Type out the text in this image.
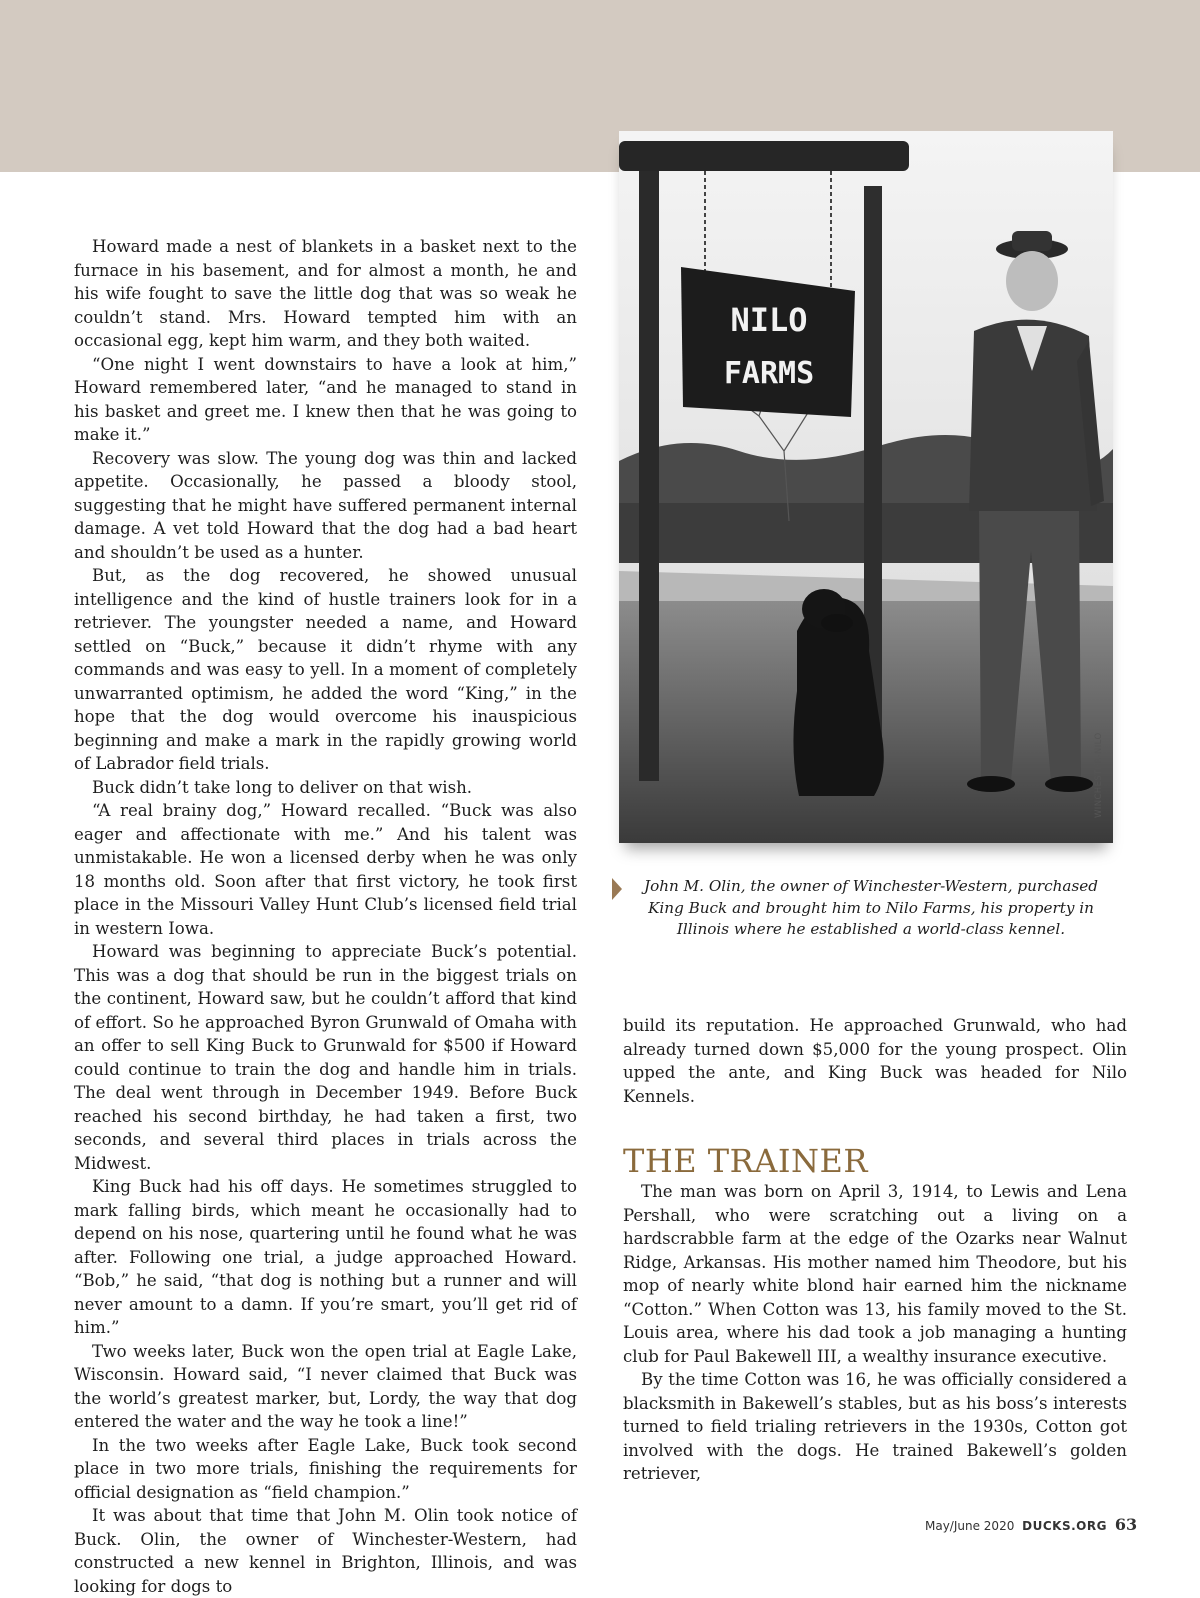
Howard made a nest of blankets in a basket next to the furnace in his basement, and for almost a month, he and his wife fought to save the little dog that was so weak he couldn’t stand. Mrs. Howard tempted him with an occasional egg, kept him warm, and they both waited.

“One night I went downstairs to have a look at him,” Howard remembered later, “and he managed to stand in his basket and greet me. I knew then that he was going to make it.”

Recovery was slow. The young dog was thin and lacked appetite. Occasionally, he passed a bloody stool, suggesting that he might have suffered permanent internal damage. A vet told Howard that the dog had a bad heart and shouldn’t be used as a hunter.

But, as the dog recovered, he showed unusual intelligence and the kind of hustle trainers look for in a retriever. The youngster needed a name, and Howard settled on “Buck,” because it didn’t rhyme with any commands and was easy to yell. In a moment of completely unwarranted optimism, he added the word “King,” in the hope that the dog would overcome his inauspicious beginning and make a mark in the rapidly growing world of Labrador field trials.

Buck didn’t take long to deliver on that wish.

“A real brainy dog,” Howard recalled. “Buck was also eager and affectionate with me.” And his talent was unmistakable. He won a licensed derby when he was only 18 months old. Soon after that first victory, he took first place in the Missouri Valley Hunt Club’s licensed field trial in western Iowa.

Howard was beginning to appreciate Buck’s potential. This was a dog that should be run in the biggest trials on the continent, Howard saw, but he couldn’t afford that kind of effort. So he approached Byron Grunwald of Omaha with an offer to sell King Buck to Grunwald for $500 if Howard could continue to train the dog and handle him in trials. The deal went through in December 1949. Before Buck reached his second birthday, he had taken a first, two seconds, and several third places in trials across the Midwest.

King Buck had his off days. He sometimes struggled to mark falling birds, which meant he occasionally had to depend on his nose, quartering until he found what he was after. Following one trial, a judge approached Howard. “Bob,” he said, “that dog is nothing but a runner and will never amount to a damn. If you’re smart, you’ll get rid of him.”

Two weeks later, Buck won the open trial at Eagle Lake, Wisconsin. Howard said, “I never claimed that Buck was the world’s greatest marker, but, Lordy, the way that dog entered the water and the way he took a line!”

In the two weeks after Eagle Lake, Buck took second place in two more trials, finishing the requirements for official designation as “field champion.”

It was about that time that John M. Olin took notice of Buck. Olin, the owner of Winchester-Western, had constructed a new kennel in Brighton, Illinois, and was looking for dogs to

NILO
FARMS
WINCHESTER-NILO

John M. Olin, the owner of Winchester-Western, purchased King Buck and brought him to Nilo Farms, his property in Illinois where he established a world-class kennel.

build its reputation. He approached Grunwald, who had already turned down $5,000 for the young prospect. Olin upped the ante, and King Buck was headed for Nilo Kennels.

THE TRAINER

The man was born on April 3, 1914, to Lewis and Lena Pershall, who were scratching out a living on a hardscrabble farm at the edge of the Ozarks near Walnut Ridge, Arkansas. His mother named him Theodore, but his mop of nearly white blond hair earned him the nickname “Cotton.” When Cotton was 13, his family moved to the St. Louis area, where his dad took a job managing a hunting club for Paul Bakewell III, a wealthy insurance executive.

By the time Cotton was 16, he was officially considered a blacksmith in Bakewell’s stables, but as his boss’s interests turned to field trialing retrievers in the 1930s, Cotton got involved with the dogs. He trained Bakewell’s golden retriever,

May/June 2020 DUCKS.ORG 63
